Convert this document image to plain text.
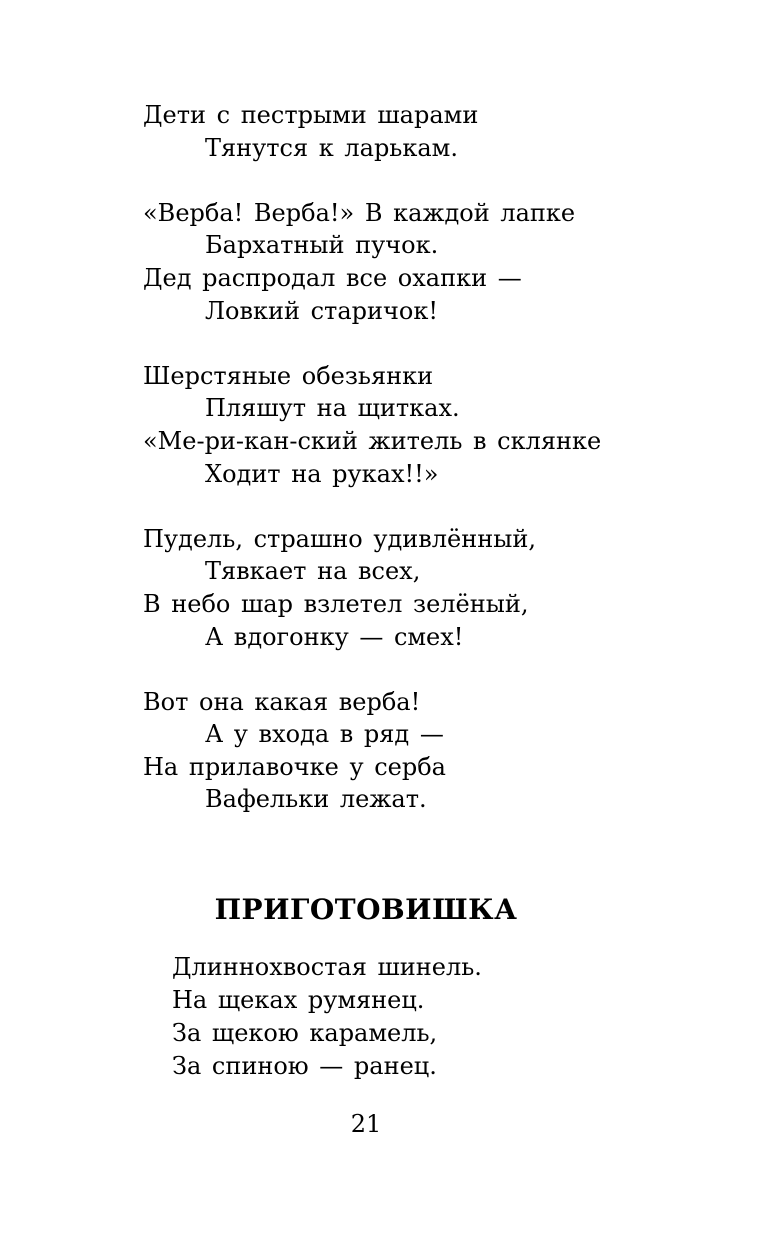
Дети с пестрыми шарами
Тянутся к ларькам.
«Верба! Верба!» В каждой лапке
Бархатный пучок.
Дед распродал все охапки —
Ловкий старичок!
Шерстяные обезьянки
Пляшут на щитках.
«Ме-ри-кан-ский житель в склянке
Ходит на руках!!»
Пудель, страшно удивлённый,
Тявкает на всех,
В небо шар взлетел зелёный,
А вдогонку — смех!
Вот она какая верба!
А у входа в ряд —
На прилавочке у серба
Вафельки лежат.
ПРИГОТОВИШКА
Длиннохвостая шинель.
На щеках румянец.
За щекою карамель,
За спиною — ранец.
21
